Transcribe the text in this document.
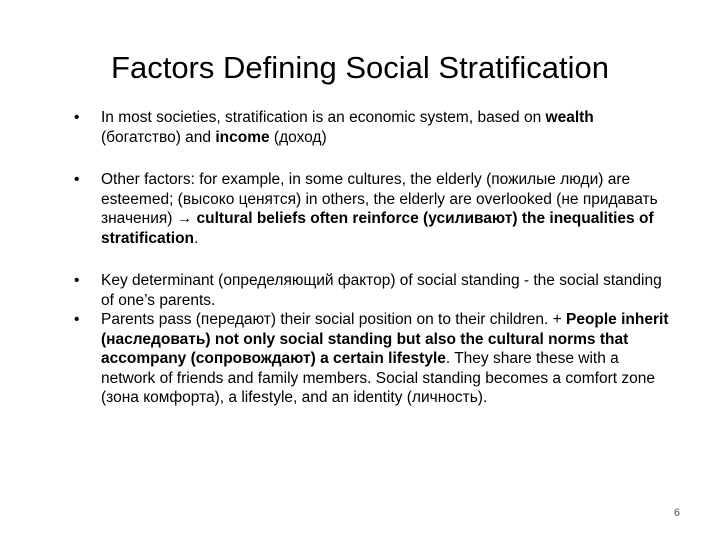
Factors Defining Social Stratification
• In most societies, stratification is an economic system, based on wealth (богатство) and income (доход)
• Other factors: for example, in some cultures, the elderly (пожилые люди) are esteemed; (высоко ценятся) in others, the elderly are overlooked (не придавать значения) → cultural beliefs often reinforce (усиливают) the inequalities of stratification.
• Key determinant (определяющий фактор) of social standing - the social standing of one’s parents.
• Parents pass (передают) their social position on to their children. + People inherit (наследовать) not only social standing but also the cultural norms that accompany (сопровождают) a certain lifestyle. They share these with a network of friends and family members. Social standing becomes a comfort zone (зона комфорта), a lifestyle, and an identity (личность).
6
